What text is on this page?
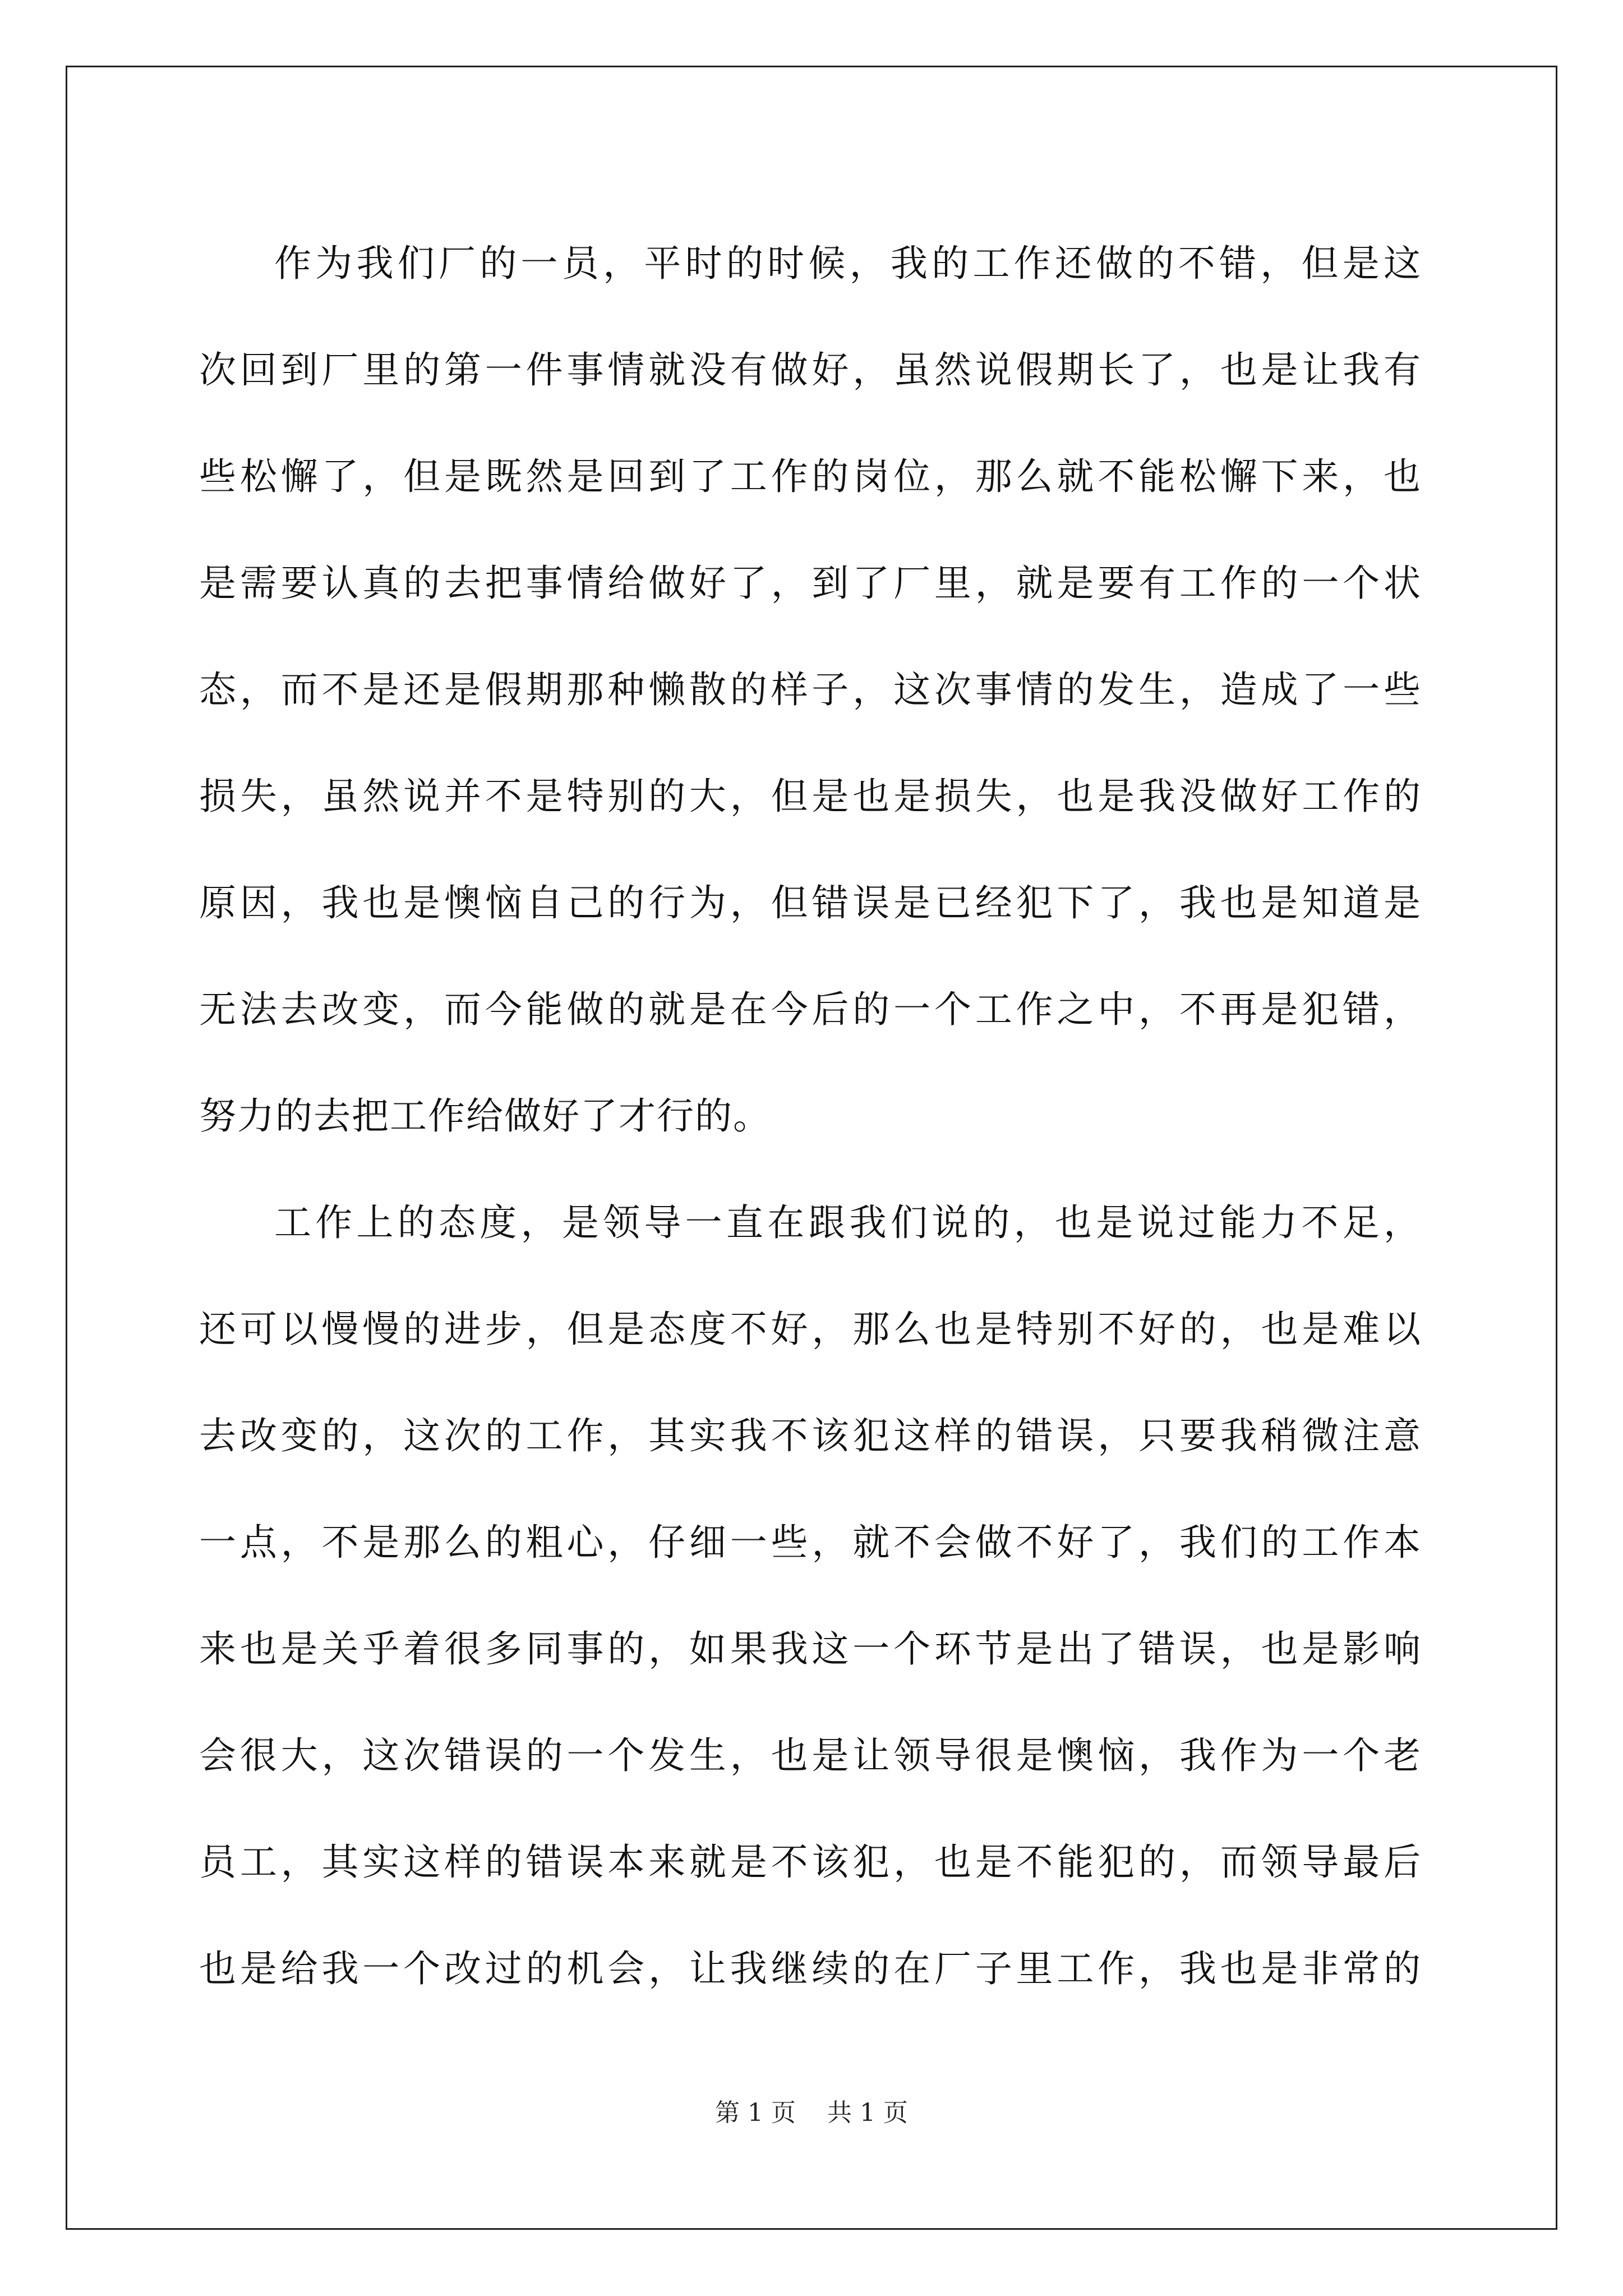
作为我们厂的一员，平时的时候，我的工作还做的不错，但是这
次回到厂里的第一件事情就没有做好，虽然说假期长了，也是让我有
些松懈了，但是既然是回到了工作的岗位，那么就不能松懈下来，也
是需要认真的去把事情给做好了，到了厂里，就是要有工作的一个状
态，而不是还是假期那种懒散的样子，这次事情的发生，造成了一些
损失，虽然说并不是特别的大，但是也是损失，也是我没做好工作的
原因，我也是懊恼自己的行为，但错误是已经犯下了，我也是知道是
无法去改变，而今能做的就是在今后的一个工作之中，不再是犯错，
努力的去把工作给做好了才行的。
工作上的态度，是领导一直在跟我们说的，也是说过能力不足，
还可以慢慢的进步，但是态度不好，那么也是特别不好的，也是难以
去改变的，这次的工作，其实我不该犯这样的错误，只要我稍微注意
一点，不是那么的粗心，仔细一些，就不会做不好了，我们的工作本
来也是关乎着很多同事的，如果我这一个环节是出了错误，也是影响
会很大，这次错误的一个发生，也是让领导很是懊恼，我作为一个老
员工，其实这样的错误本来就是不该犯，也是不能犯的，而领导最后
也是给我一个改过的机会，让我继续的在厂子里工作，我也是非常的
第 1 页    共 1 页
